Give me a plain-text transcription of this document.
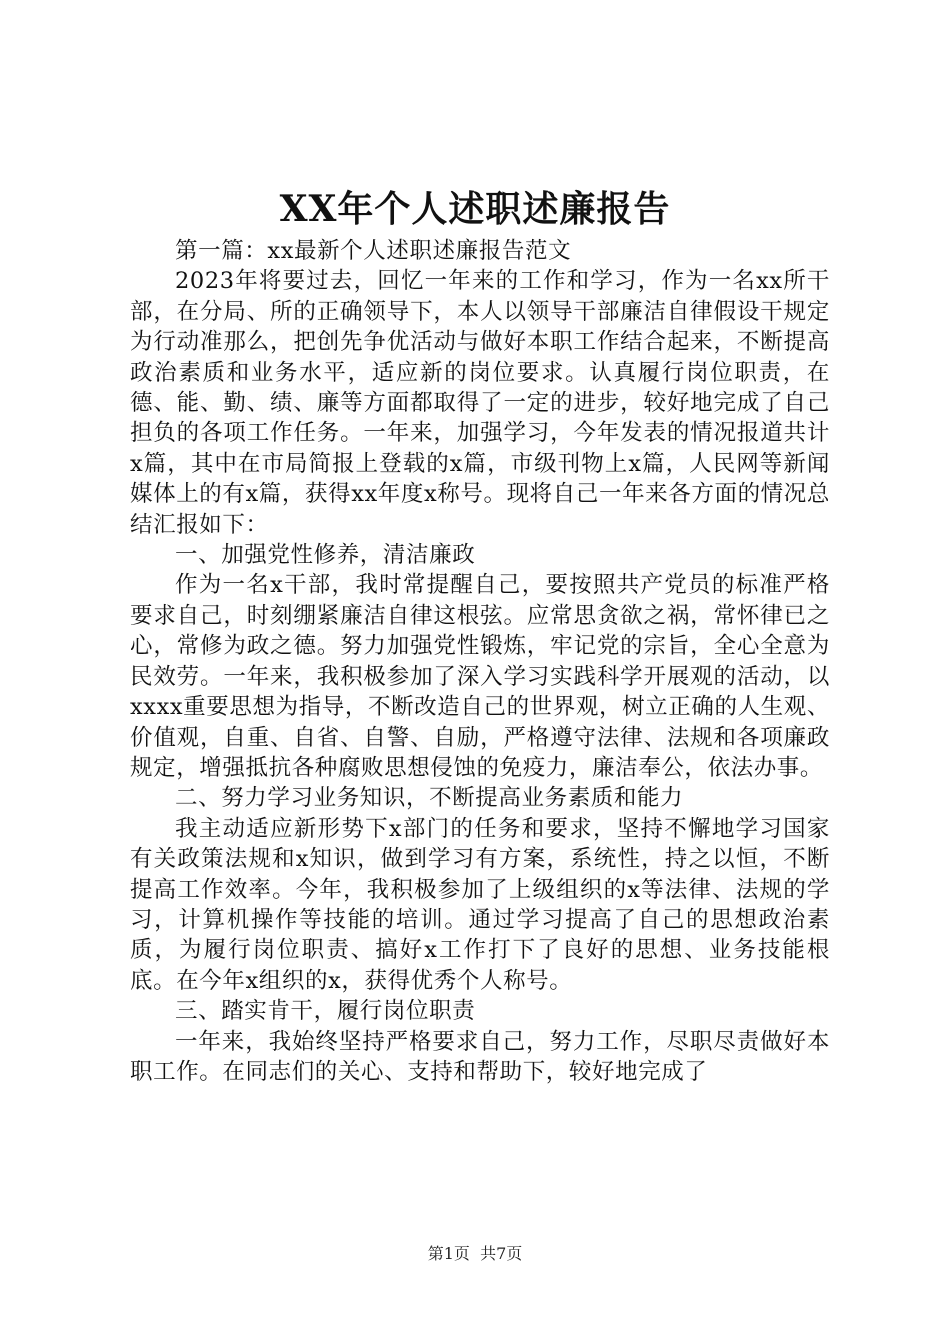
XX年个人述职述廉报告

第一篇：xx最新个人述职述廉报告范文

2023年将要过去，回忆一年来的工作和学习，作为一名xx所干部，在分局、所的正确领导下，本人以领导干部廉洁自律假设干规定为行动准那么，把创先争优活动与做好本职工作结合起来，不断提高政治素质和业务水平，适应新的岗位要求。认真履行岗位职责，在德、能、勤、绩、廉等方面都取得了一定的进步，较好地完成了自己担负的各项工作任务。一年来，加强学习，今年发表的情况报道共计x篇，其中在市局简报上登载的x篇，市级刊物上x篇，人民网等新闻媒体上的有x篇，获得xx年度x称号。现将自己一年来各方面的情况总结汇报如下：

一、加强党性修养，清洁廉政

作为一名x干部，我时常提醒自己，要按照共产党员的标准严格要求自己，时刻绷紧廉洁自律这根弦。应常思贪欲之祸，常怀律已之心，常修为政之德。努力加强党性锻炼，牢记党的宗旨，全心全意为民效劳。一年来，我积极参加了深入学习实践科学开展观的活动，以xxxx重要思想为指导，不断改造自己的世界观，树立正确的人生观、价值观，自重、自省、自警、自励，严格遵守法律、法规和各项廉政规定，增强抵抗各种腐败思想侵蚀的免疫力，廉洁奉公，依法办事。

二、努力学习业务知识，不断提高业务素质和能力

我主动适应新形势下x部门的任务和要求，坚持不懈地学习国家有关政策法规和x知识，做到学习有方案，系统性，持之以恒，不断提高工作效率。今年，我积极参加了上级组织的x等法律、法规的学习，计算机操作等技能的培训。通过学习提高了自己的思想政治素质，为履行岗位职责、搞好x工作打下了良好的思想、业务技能根底。在今年x组织的x，获得优秀个人称号。

三、踏实肯干，履行岗位职责

一年来，我始终坚持严格要求自己，努力工作，尽职尽责做好本职工作。在同志们的关心、支持和帮助下，较好地完成了

第1页 共7页
